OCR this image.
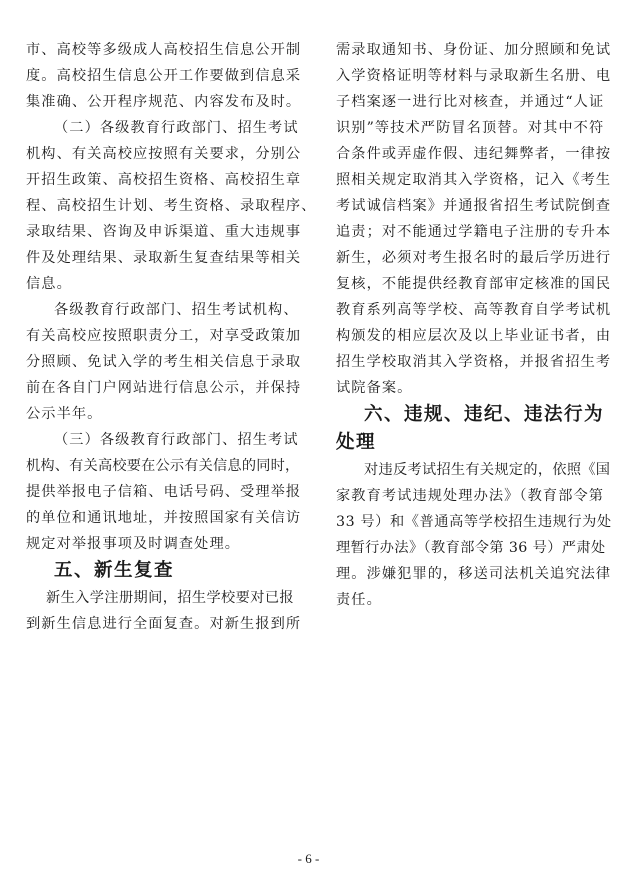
市、高校等多级成人高校招生信息公开制
度。高校招生信息公开工作要做到信息采
集准确、公开程序规范、内容发布及时。
（二）各级教育行政部门、招生考试
机构、有关高校应按照有关要求，分别公
开招生政策、高校招生资格、高校招生章
程、高校招生计划、考生资格、录取程序、
录取结果、咨询及申诉渠道、重大违规事
件及处理结果、录取新生复查结果等相关
信息。
各级教育行政部门、招生考试机构、
有关高校应按照职责分工，对享受政策加
分照顾、免试入学的考生相关信息于录取
前在各自门户网站进行信息公示，并保持
公示半年。
（三）各级教育行政部门、招生考试
机构、有关高校要在公示有关信息的同时，
提供举报电子信箱、电话号码、受理举报
的单位和通讯地址，并按照国家有关信访
规定对举报事项及时调查处理。
五、新生复查
新生入学注册期间，招生学校要对已报
到新生信息进行全面复查。对新生报到所
需录取通知书、身份证、加分照顾和免试
入学资格证明等材料与录取新生名册、电
子档案逐一进行比对核查，并通过“人证
识别”等技术严防冒名顶替。对其中不符
合条件或弄虚作假、违纪舞弊者，一律按
照相关规定取消其入学资格，记入《考生
考试诚信档案》并通报省招生考试院倒查
追责；对不能通过学籍电子注册的专升本
新生，必须对考生报名时的最后学历进行
复核，不能提供经教育部审定核准的国民
教育系列高等学校、高等教育自学考试机
构颁发的相应层次及以上毕业证书者，由
招生学校取消其入学资格，并报省招生考
试院备案。
六、违规、违纪、违法行为
处理
对违反考试招生有关规定的，依照《国
家教育考试违规处理办法》（教育部令第
33 号）和《普通高等学校招生违规行为处
理暂行办法》（教育部令第 36 号）严肃处
理。涉嫌犯罪的，移送司法机关追究法律
责任。
- 6 -
